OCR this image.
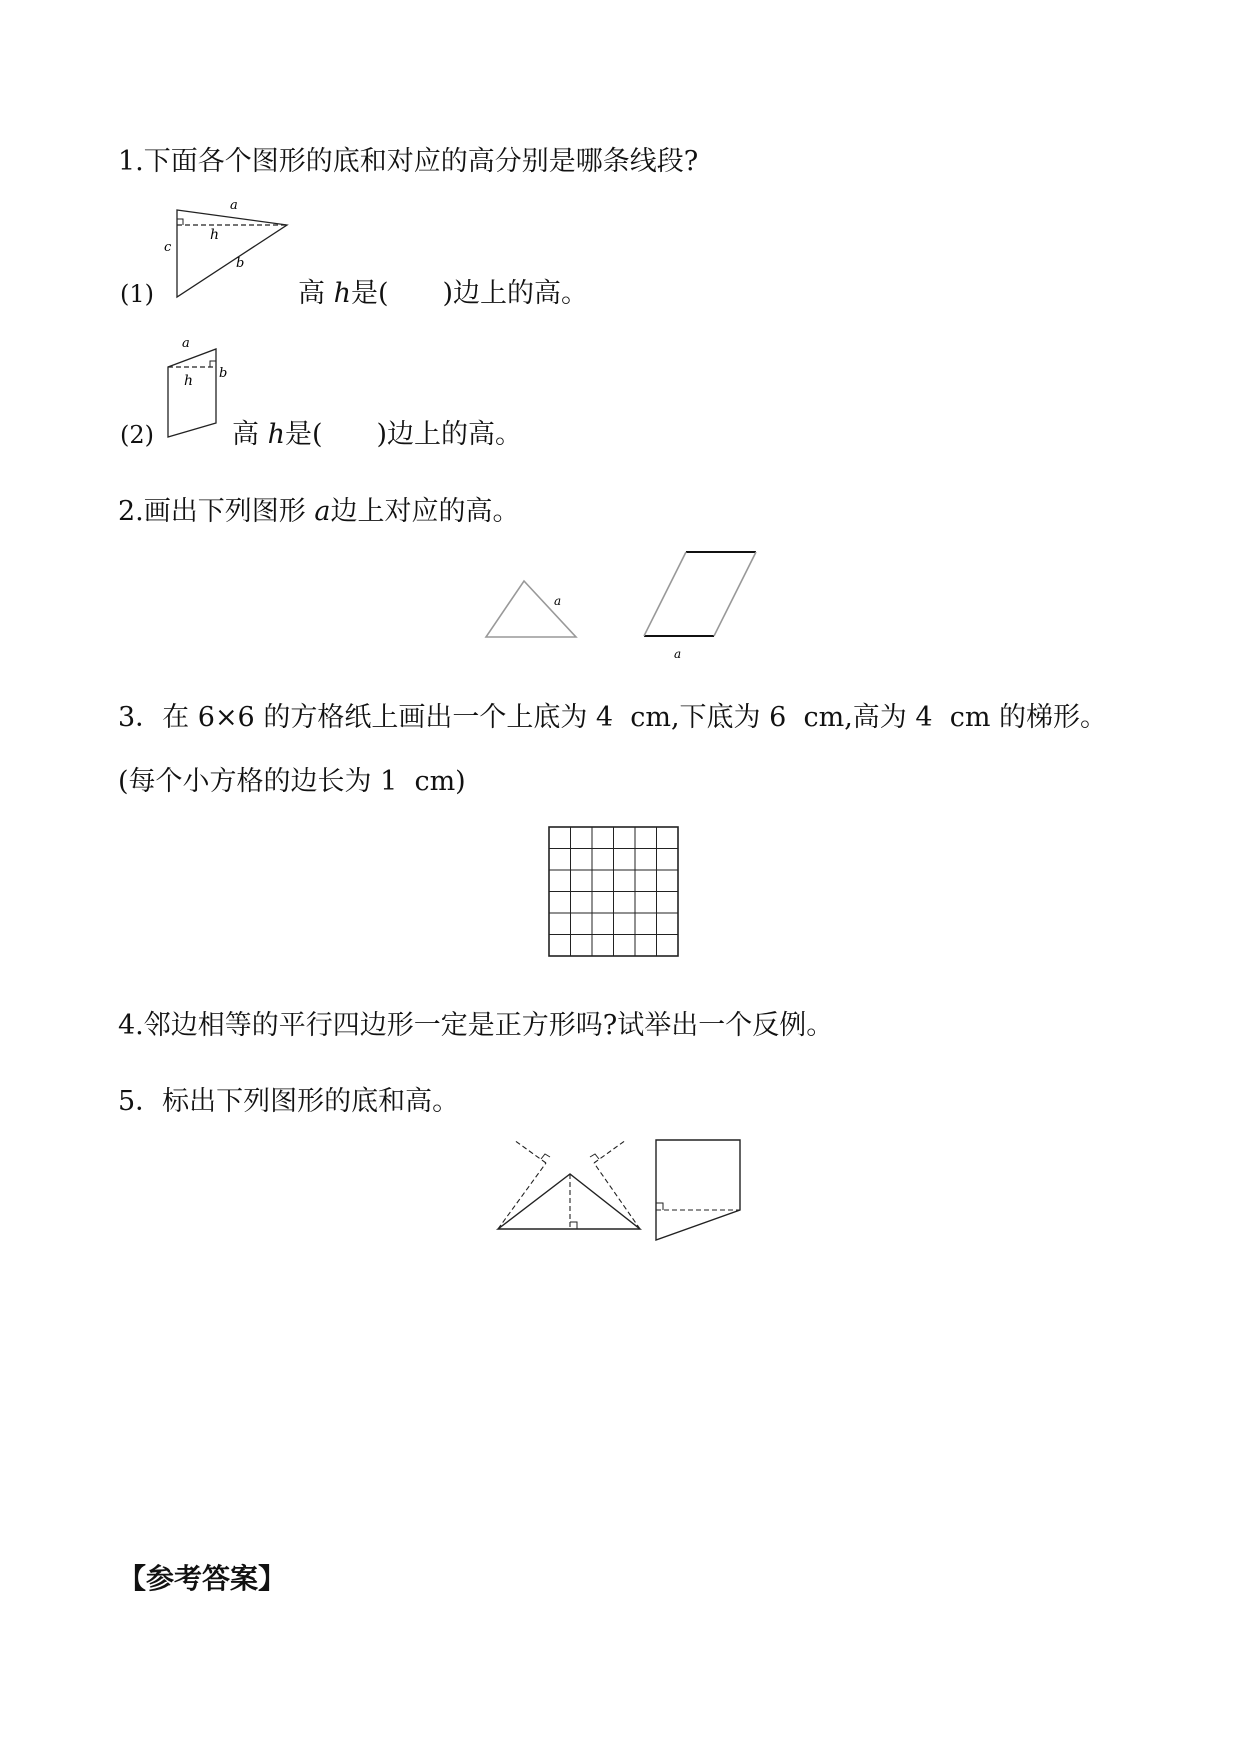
1.下面各个图形的底和对应的高分别是哪条线段?
a
h
c
b
(1)	高 h是(　　)边上的高。
a
h b
(2)	高 h是(　　)边上的高。
2.画出下列图形 a边上对应的高。
a
a
3．在 6×6 的方格纸上画出一个上底为 4  cm,下底为 6  cm,高为 4  cm 的梯形。
(每个小方格的边长为 1  cm)
4.邻边相等的平行四边形一定是正方形吗?试举出一个反例。
5．标出下列图形的底和高。
【参考答案】
